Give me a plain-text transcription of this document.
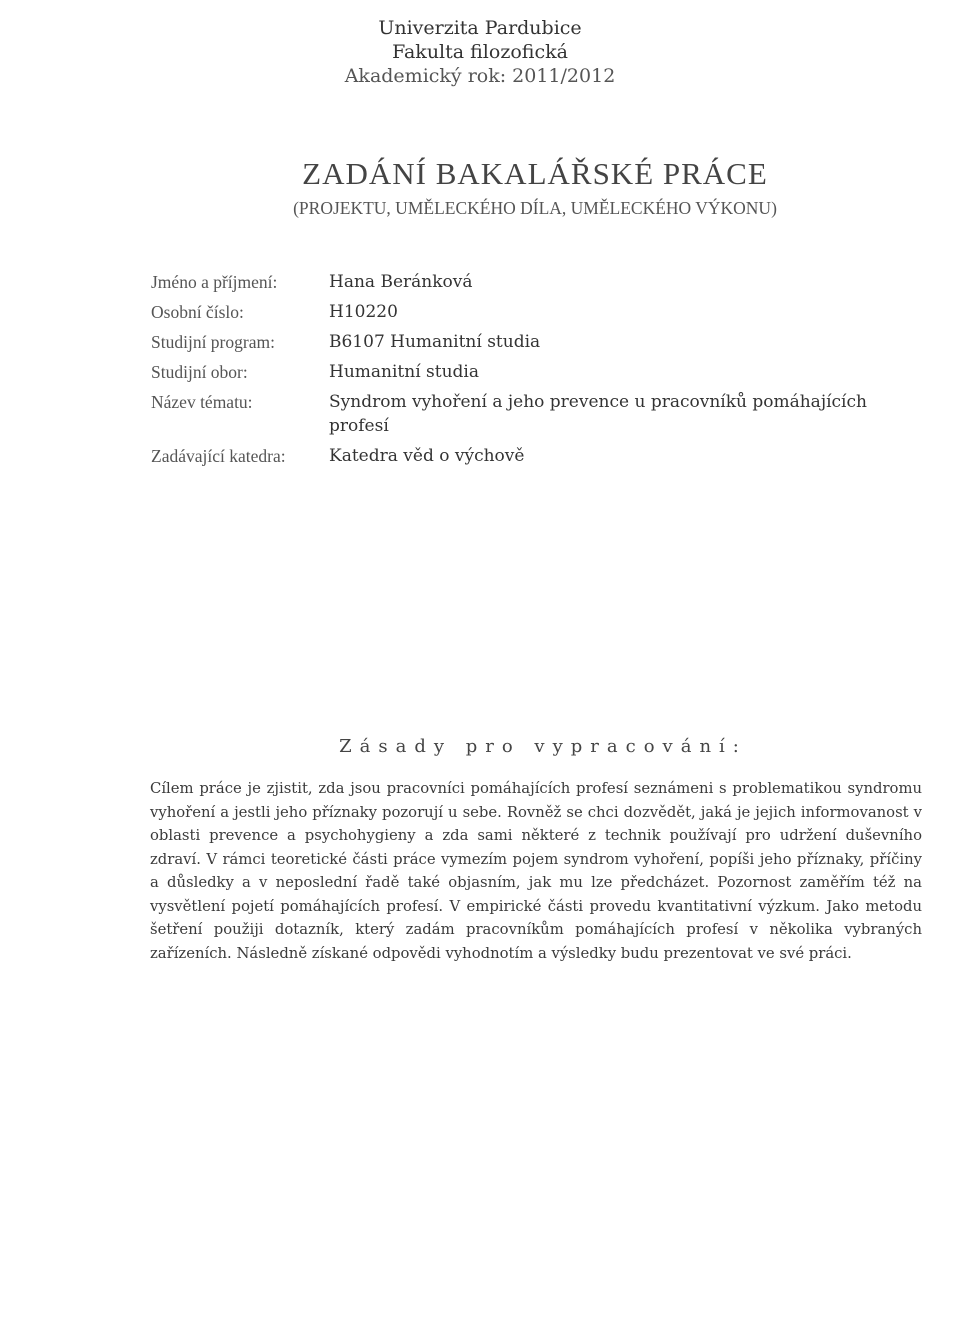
Univerzita Pardubice
Fakulta filozofická
Akademický rok: 2011/2012
ZADÁNÍ BAKALÁŘSKÉ PRÁCE
(PROJEKTU, UMĚLECKÉHO DÍLA, UMĚLECKÉHO VÝKONU)
Jméno a příjmení:	Hana Beránková
Osobní číslo:	H10220
Studijní program:	B6107 Humanitní studia
Studijní obor:	Humanitní studia
Název tématu:	Syndrom vyhoření a jeho prevence u pracovníků pomáhajících profesí
Zadávající katedra:	Katedra věd o výchově
Zásady pro vypracování:
Cílem práce je zjistit, zda jsou pracovníci pomáhajících profesí seznámeni s problematikou syndromu vyhoření a jestli jeho příznaky pozorují u sebe. Rovněž se chci dozvědět, jaká je jejich informovanost v oblasti prevence a psychohygieny a zda sami některé z technik používají pro udržení duševního zdraví. V rámci teoretické části práce vymezím pojem syndrom vyhoření, popíši jeho příznaky, příčiny a důsledky a v neposlední řadě také objasním, jak mu lze předcházet. Pozornost zaměřím též na vysvětlení pojetí pomáhajících profesí. V empirické části provedu kvantitativní výzkum. Jako metodu šetření použiji dotazník, který zadám pracovníkům pomáhajících profesí v několika vybraných zařízeních. Následně získané odpovědi vyhodnotím a výsledky budu prezentovat ve své práci.
